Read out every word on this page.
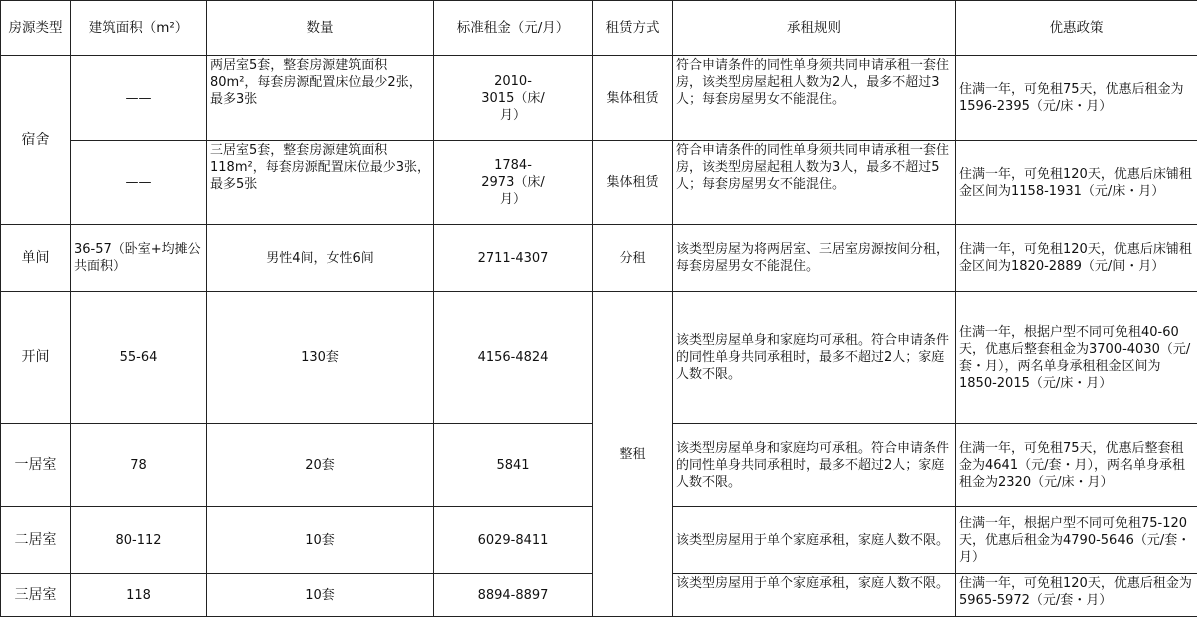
房源类型	建筑面积（m²）	数量	标准租金（元/月）	租赁方式	承租规则	优惠政策
宿舍	——	两居室5套，整套房源建筑面积80m²，每套房源配置床位最少2张，最多3张	2010-3015（床/月）	集体租赁	符合申请条件的同性单身须共同申请承租一套住房，该类型房屋起租人数为2人，最多不超过3人；每套房屋男女不能混住。	住满一年，可免租75天，优惠后租金为1596-2395（元/床・月）
	——	三居室5套，整套房源建筑面积118m²，每套房源配置床位最少3张，最多5张	1784-2973（床/月）	集体租赁	符合申请条件的同性单身须共同申请承租一套住房，该类型房屋起租人数为3人，最多不超过5人；每套房屋男女不能混住。	住满一年，可免租120天，优惠后床铺租金区间为1158-1931（元/床・月）
单间	36-57（卧室+均摊公共面积）	男性4间，女性6间	2711-4307	分租	该类型房屋为将两居室、三居室房源按间分租，每套房屋男女不能混住。	住满一年，可免租120天，优惠后床铺租金区间为1820-2889（元/间・月）
开间	55-64	130套	4156-4824	整租	该类型房屋单身和家庭均可承租。符合申请条件的同性单身共同承租时，最多不超过2人；家庭人数不限。	住满一年，根据户型不同可免租40-60天，优惠后整套租金为3700-4030（元/套・月），两名单身承租租金区间为1850-2015（元/床・月）
一居室	78	20套	5841		该类型房屋单身和家庭均可承租。符合申请条件的同性单身共同承租时，最多不超过2人；家庭人数不限。	住满一年，可免租75天，优惠后整套租金为4641（元/套・月），两名单身承租租金为2320（元/床・月）
二居室	80-112	10套	6029-8411		该类型房屋用于单个家庭承租，家庭人数不限。	住满一年，根据户型不同可免租75-120天，优惠后租金为4790-5646（元/套・月）
三居室	118	10套	8894-8897		该类型房屋用于单个家庭承租，家庭人数不限。	住满一年，可免租120天，优惠后租金为5965-5972（元/套・月）
